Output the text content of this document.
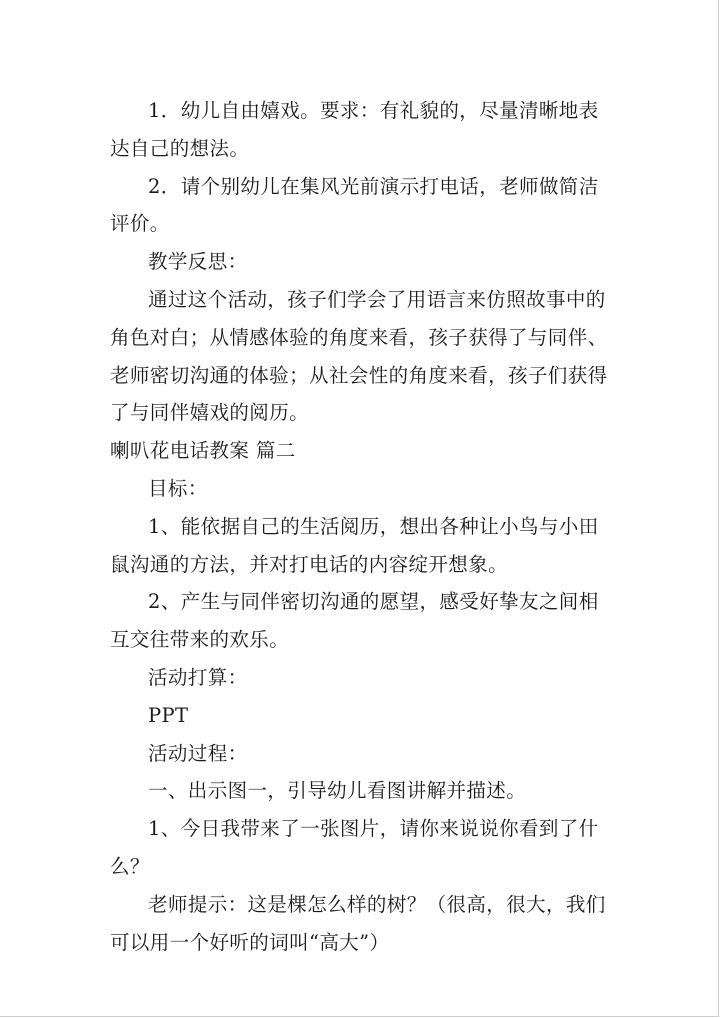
1．幼儿自由嬉戏。要求：有礼貌的，尽量清晰地表达自己的想法。

2．请个别幼儿在集风光前演示打电话，老师做简洁评价。

教学反思：

通过这个活动，孩子们学会了用语言来仿照故事中的角色对白；从情感体验的角度来看，孩子获得了与同伴、老师密切沟通的体验；从社会性的角度来看，孩子们获得了与同伴嬉戏的阅历。

喇叭花电话教案 篇二

目标：

1、能依据自己的生活阅历，想出各种让小鸟与小田鼠沟通的方法，并对打电话的内容绽开想象。

2、产生与同伴密切沟通的愿望，感受好挚友之间相互交往带来的欢乐。

活动打算：

PPT

活动过程：

一、出示图一，引导幼儿看图讲解并描述。

1、今日我带来了一张图片，请你来说说你看到了什么？

老师提示：这是棵怎么样的树？（很高，很大，我们可以用一个好听的词叫“高大”）
